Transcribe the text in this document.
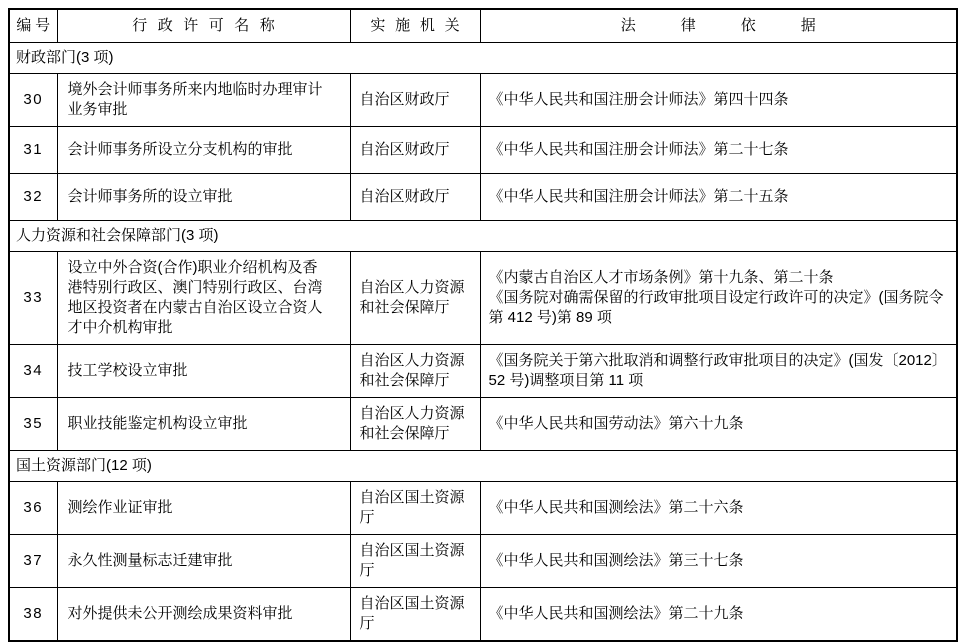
编号	行政许可名称	实施机关	法律依据
财政部门(3 项)			
30	境外会计师事务所来内地临时办理审计业务审批	自治区财政厅	《中华人民共和国注册会计师法》第四十四条

31	会计师事务所设立分支机构的审批	自治区财政厅	《中华人民共和国注册会计师法》第二十七条

32	会计师事务所的设立审批	自治区财政厅	《中华人民共和国注册会计师法》第二十五条

人力资源和社会保障部门(3 项)			
33	设立中外合资(合作)职业介绍机构及香港特别行政区、澳门特别行政区、台湾地区投资者在内蒙古自治区设立合资人才中介机构审批	自治区人力资源和社会保障厅	《内蒙古自治区人才市场条例》第十九条、第二十条
《国务院对确需保留的行政审批项目设定行政许可的决定》(国务院令第 412 号)第 89 项

34	技工学校设立审批	自治区人力资源和社会保障厅	《国务院关于第六批取消和调整行政审批项目的决定》(国发〔2012〕52 号)调整项目第 11 项

35	职业技能鉴定机构设立审批	自治区人力资源和社会保障厅	《中华人民共和国劳动法》第六十九条

国土资源部门(12 项)			
36	测绘作业证审批	自治区国土资源厅	《中华人民共和国测绘法》第二十六条

37	永久性测量标志迁建审批	自治区国土资源厅	《中华人民共和国测绘法》第三十七条

38	对外提供未公开测绘成果资料审批	自治区国土资源厅	《中华人民共和国测绘法》第二十九条
